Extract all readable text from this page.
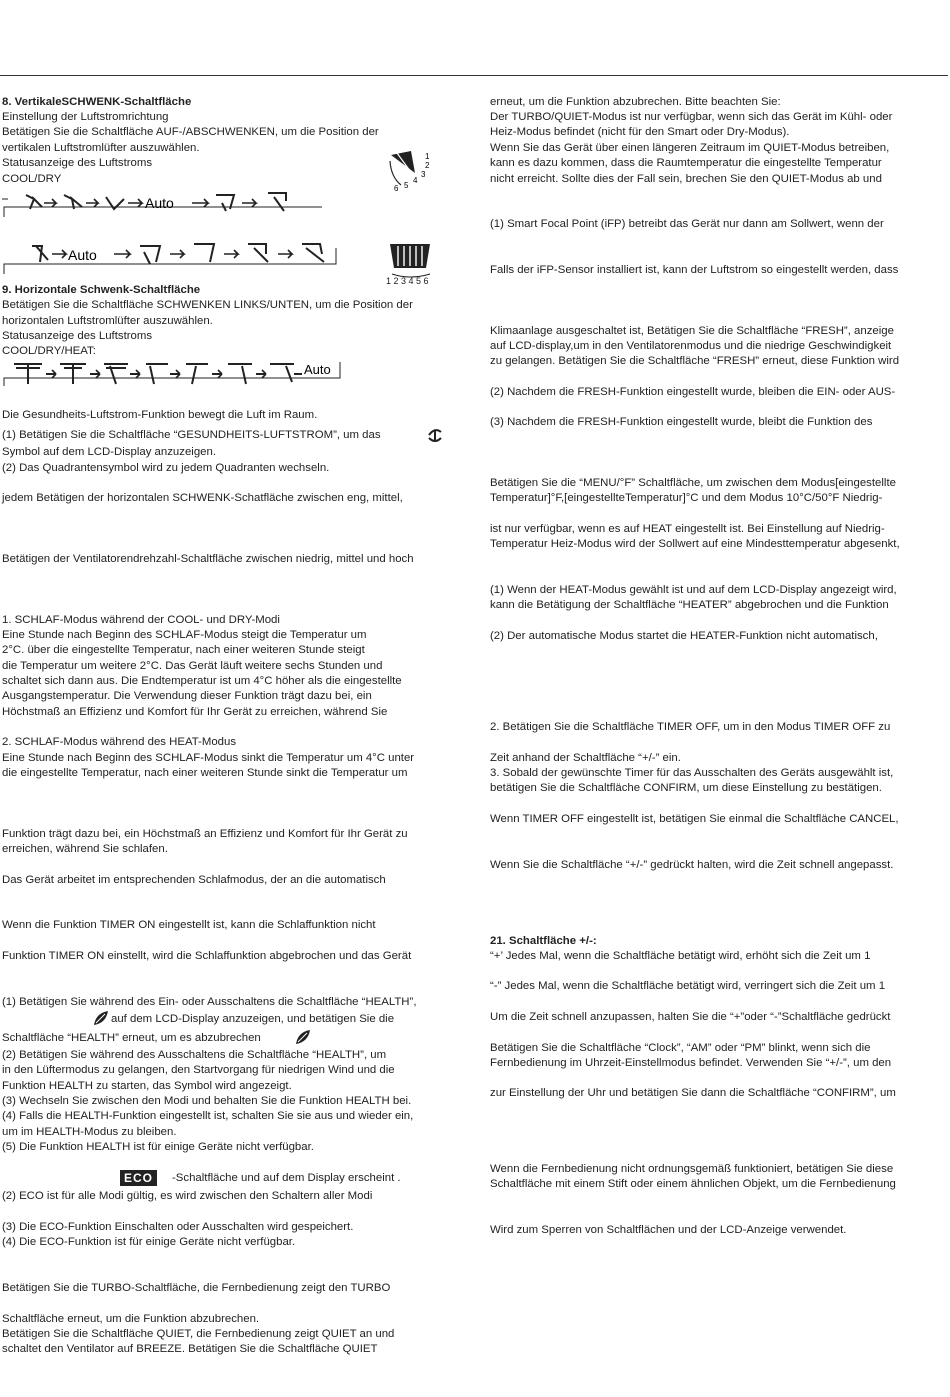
8. VertikaleSCHWENK-Schaltfläche
Einstellung der Luftstromrichtung
Betätigen Sie die Schaltfläche AUF-/ABSCHWENKEN, um die Position der
vertikalen Luftstromlüfter auszuwählen.
Statusanzeige des Luftstroms
COOL/DRY
1
2
3
4
5
6
Auto
1 2 3 4 5 6
Auto
9. Horizontale Schwenk-Schaltfläche
Betätigen Sie die Schaltfläche SCHWENKEN LINKS/UNTEN, um die Position der
horizontalen Luftstromlüfter auszuwählen.
Statusanzeige des Luftstroms
COOL/DRY/HEAT:
Auto
Die Gesundheits-Luftstrom-Funktion bewegt die Luft im Raum.
(1) Betätigen Sie die Schaltfläche “GESUNDHEITS-LUFTSTROM”, um das
Symbol auf dem LCD-Display anzuzeigen.
(2) Das Quadrantensymbol wird zu jedem Quadranten wechseln.
jedem Betätigen der horizontalen SCHWENK-Schatfläche zwischen eng, mittel,
Betätigen der Ventilatorendrehzahl-Schaltfläche zwischen niedrig, mittel und hoch
1. SCHLAF-Modus während der COOL- und DRY-Modi
Eine Stunde nach Beginn des SCHLAF-Modus steigt die Temperatur um
2°C. über die eingestellte Temperatur, nach einer weiteren Stunde steigt
die Temperatur um weitere 2°C. Das Gerät läuft weitere sechs Stunden und
schaltet sich dann aus. Die Endtemperatur ist um 4°C höher als die eingestellte
Ausgangstemperatur. Die Verwendung dieser Funktion trägt dazu bei, ein
Höchstmaß an Effizienz und Komfort für Ihr Gerät zu erreichen, während Sie
2. SCHLAF-Modus während des HEAT-Modus
Eine Stunde nach Beginn des SCHLAF-Modus sinkt die Temperatur um 4°C unter
die eingestellte Temperatur, nach einer weiteren Stunde sinkt die Temperatur um
Funktion trägt dazu bei, ein Höchstmaß an Effizienz und Komfort für Ihr Gerät zu
erreichen, während Sie schlafen.
Das Gerät arbeitet im entsprechenden Schlafmodus, der an die automatisch
Wenn die Funktion TIMER ON eingestellt ist, kann die Schlaffunktion nicht
Funktion TIMER ON einstellt, wird die Schlaffunktion abgebrochen und das Gerät
(1) Betätigen Sie während des Ein- oder Ausschaltens die Schaltfläche “HEALTH”,
auf dem LCD-Display anzuzeigen, und betätigen Sie die
Schaltfläche “HEALTH” erneut, um es abzubrechen
(2) Betätigen Sie während des Ausschaltens die Schaltfläche “HEALTH”, um
in den Lüftermodus zu gelangen, den Startvorgang für niedrigen Wind und die
Funktion HEALTH zu starten, das Symbol wird angezeigt.
(3) Wechseln Sie zwischen den Modi und behalten Sie die Funktion HEALTH bei.
(4) Falls die HEALTH-Funktion eingestellt ist, schalten Sie sie aus und wieder ein,
um im HEALTH-Modus zu bleiben.
(5) Die Funktion HEALTH ist für einige Geräte nicht verfügbar.
ECO	-Schaltfläche und auf dem Display erscheint .
(2) ECO ist für alle Modi gültig, es wird zwischen den Schaltern aller Modi
(3) Die ECO-Funktion Einschalten oder Ausschalten wird gespeichert.
(4) Die ECO-Funktion ist für einige Geräte nicht verfügbar.
Betätigen Sie die TURBO-Schaltfläche, die Fernbedienung zeigt den TURBO
Schaltfläche erneut, um die Funktion abzubrechen.
Betätigen Sie die Schaltfläche QUIET, die Fernbedienung zeigt QUIET an und
schaltet den Ventilator auf BREEZE. Betätigen Sie die Schaltfläche QUIET
erneut, um die Funktion abzubrechen. Bitte beachten Sie:
Der TURBO/QUIET-Modus ist nur verfügbar, wenn sich das Gerät im Kühl- oder
Heiz-Modus befindet (nicht für den Smart oder Dry-Modus).
Wenn Sie das Gerät über einen längeren Zeitraum im QUIET-Modus betreiben,
kann es dazu kommen, dass die Raumtemperatur die eingestellte Temperatur
nicht erreicht. Sollte dies der Fall sein, brechen Sie den QUIET-Modus ab und
(1) Smart Focal Point (iFP) betreibt das Gerät nur dann am Sollwert, wenn der
Falls der iFP-Sensor installiert ist, kann der Luftstrom so eingestellt werden, dass
Klimaanlage ausgeschaltet ist, Betätigen Sie die Schaltfläche “FRESH”, anzeige
auf LCD-display,um in den Ventilatorenmodus und die niedrige Geschwindigkeit
zu gelangen. Betätigen Sie die Schaltfläche “FRESH” erneut, diese Funktion wird
(2) Nachdem die FRESH-Funktion eingestellt wurde, bleiben die EIN- oder AUS-
(3) Nachdem die FRESH-Funktion eingestellt wurde, bleibt die Funktion des
Betätigen Sie die “MENU/°F” Schaltfläche, um zwischen dem Modus[eingestellte
Temperatur]°F,[eingestellteTemperatur]°C und dem Modus 10°C/50°F Niedrig-
ist nur verfügbar, wenn es auf HEAT eingestellt ist. Bei Einstellung auf Niedrig-
Temperatur Heiz-Modus wird der Sollwert auf eine Mindesttemperatur abgesenkt,
(1) Wenn der HEAT-Modus gewählt ist und auf dem LCD-Display angezeigt wird,
kann die Betätigung der Schaltfläche “HEATER” abgebrochen und die Funktion
(2) Der automatische Modus startet die HEATER-Funktion nicht automatisch,
2. Betätigen Sie die Schaltfläche TIMER OFF, um in den Modus TIMER OFF zu
Zeit anhand der Schaltfläche “+/-” ein.
3. Sobald der gewünschte Timer für das Ausschalten des Geräts ausgewählt ist,
betätigen Sie die Schaltfläche CONFIRM, um diese Einstellung zu bestätigen.
Wenn TIMER OFF eingestellt ist, betätigen Sie einmal die Schaltfläche CANCEL,
Wenn Sie die Schaltfläche “+/-” gedrückt halten, wird die Zeit schnell angepasst.
21. Schaltfläche +/-:
“+’ Jedes Mal, wenn die Schaltfläche betätigt wird, erhöht sich die Zeit um 1
“-” Jedes Mal, wenn die Schaltfläche betätigt wird, verringert sich die Zeit um 1
Um die Zeit schnell anzupassen, halten Sie die “+”oder “-”Schaltfläche gedrückt
Betätigen Sie die Schaltfläche “Clock”, “AM” oder “PM” blinkt, wenn sich die
Fernbedienung im Uhrzeit-Einstellmodus befindet. Verwenden Sie “+/-”, um den
zur Einstellung der Uhr und betätigen Sie dann die Schaltfläche “CONFIRM”, um
Wenn die Fernbedienung nicht ordnungsgemäß funktioniert, betätigen Sie diese
Schaltfläche mit einem Stift oder einem ähnlichen Objekt, um die Fernbedienung
Wird zum Sperren von Schaltflächen und der LCD-Anzeige verwendet.
